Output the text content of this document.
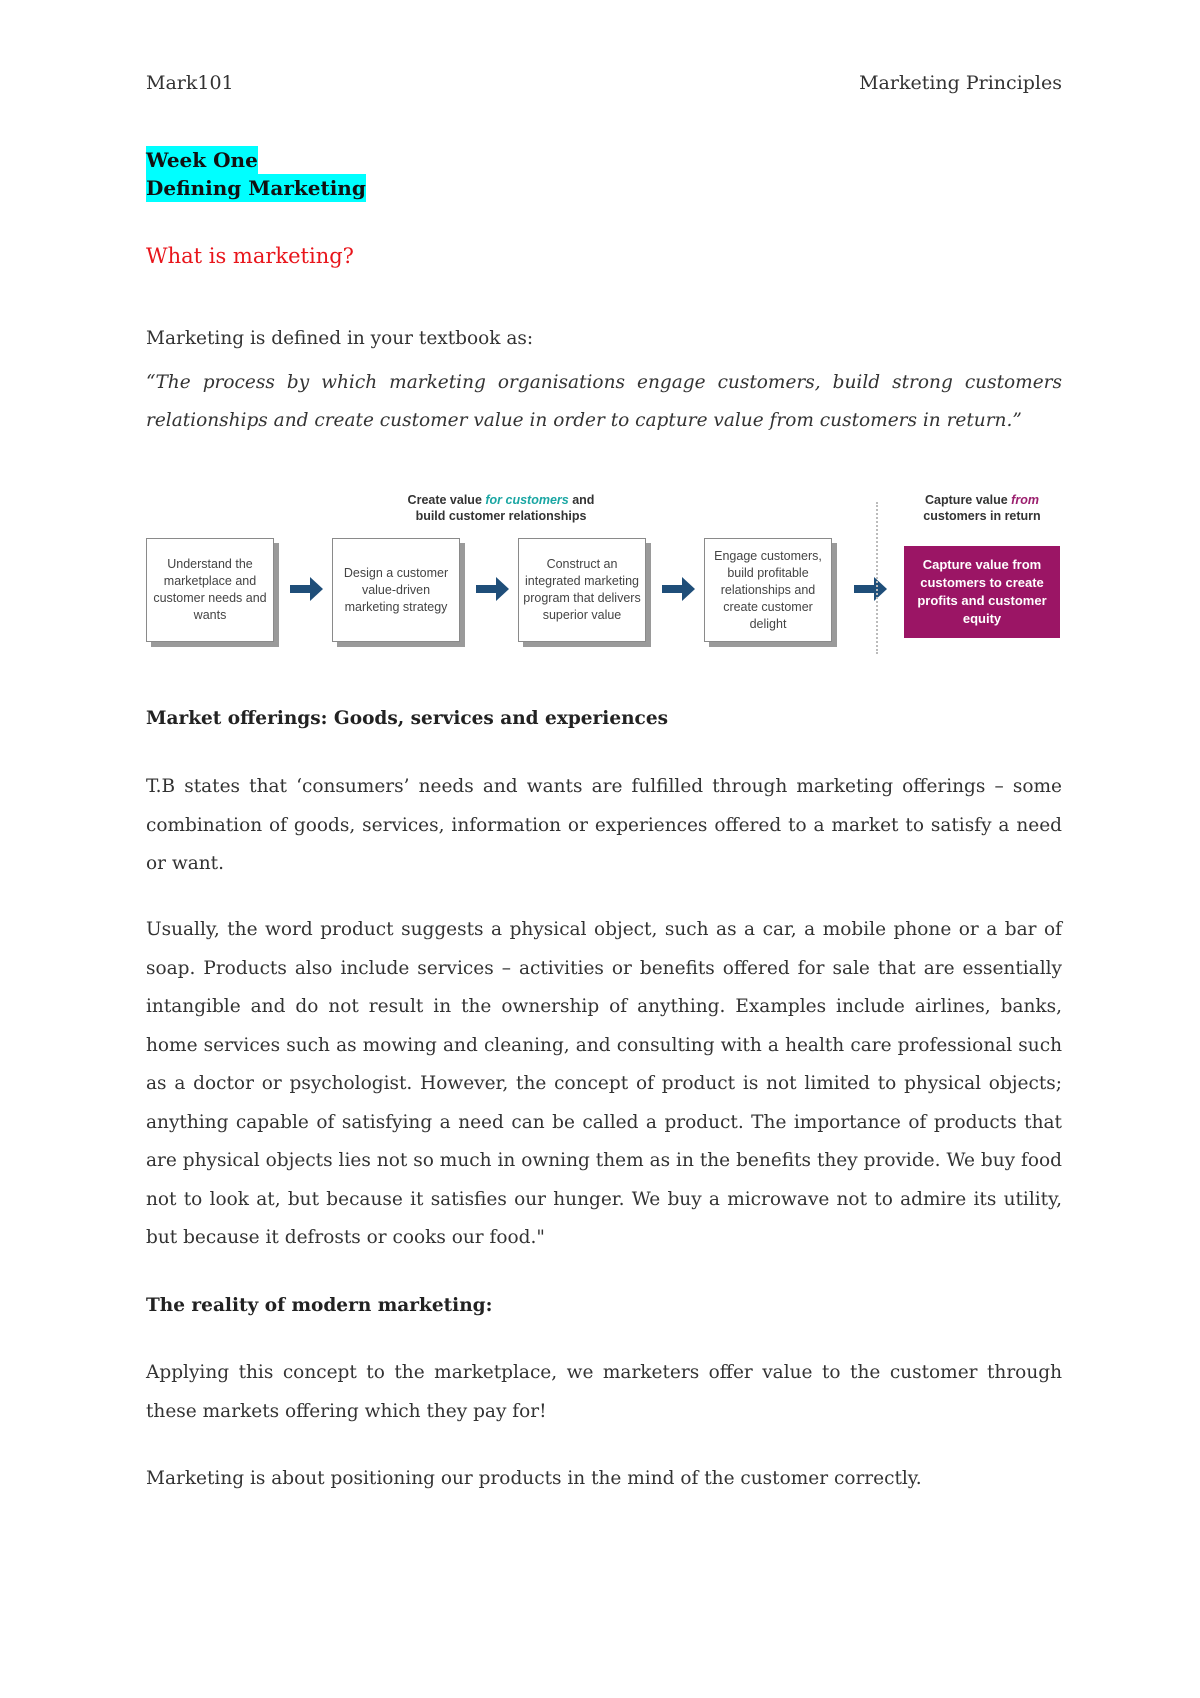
Mark101	Marketing Principles
Week One
Defining Marketing
What is marketing?
Marketing is defined in your textbook as:
“The process by which marketing organisations engage customers, build strong customers relationships and create customer value in order to capture value from customers in return.”
Create value for customers and
build customer relationships
Capture value from
customers in return
Understand the marketplace and customer needs and wants
Design a customer value-driven marketing strategy
Construct an integrated marketing program that delivers superior value
Engage customers, build profitable relationships and create customer delight
Capture value from customers to create profits and customer equity
Market offerings: Goods, services and experiences
T.B states that ‘consumers’ needs and wants are fulfilled through marketing offerings – some combination of goods, services, information or experiences offered to a market to satisfy a need or want.
Usually, the word product suggests a physical object, such as a car, a mobile phone or a bar of soap. Products also include services – activities or benefits offered for sale that are essentially intangible and do not result in the ownership of anything. Examples include airlines, banks, home services such as mowing and cleaning, and consulting with a health care professional such as a doctor or psychologist. However, the concept of product is not limited to physical objects; anything capable of satisfying a need can be called a product. The importance of products that are physical objects lies not so much in owning them as in the benefits they provide. We buy food not to look at, but because it satisfies our hunger. We buy a microwave not to admire its utility, but because it defrosts or cooks our food."
The reality of modern marketing:
Applying this concept to the marketplace, we marketers offer value to the customer through these markets offering which they pay for!
Marketing is about positioning our products in the mind of the customer correctly.
